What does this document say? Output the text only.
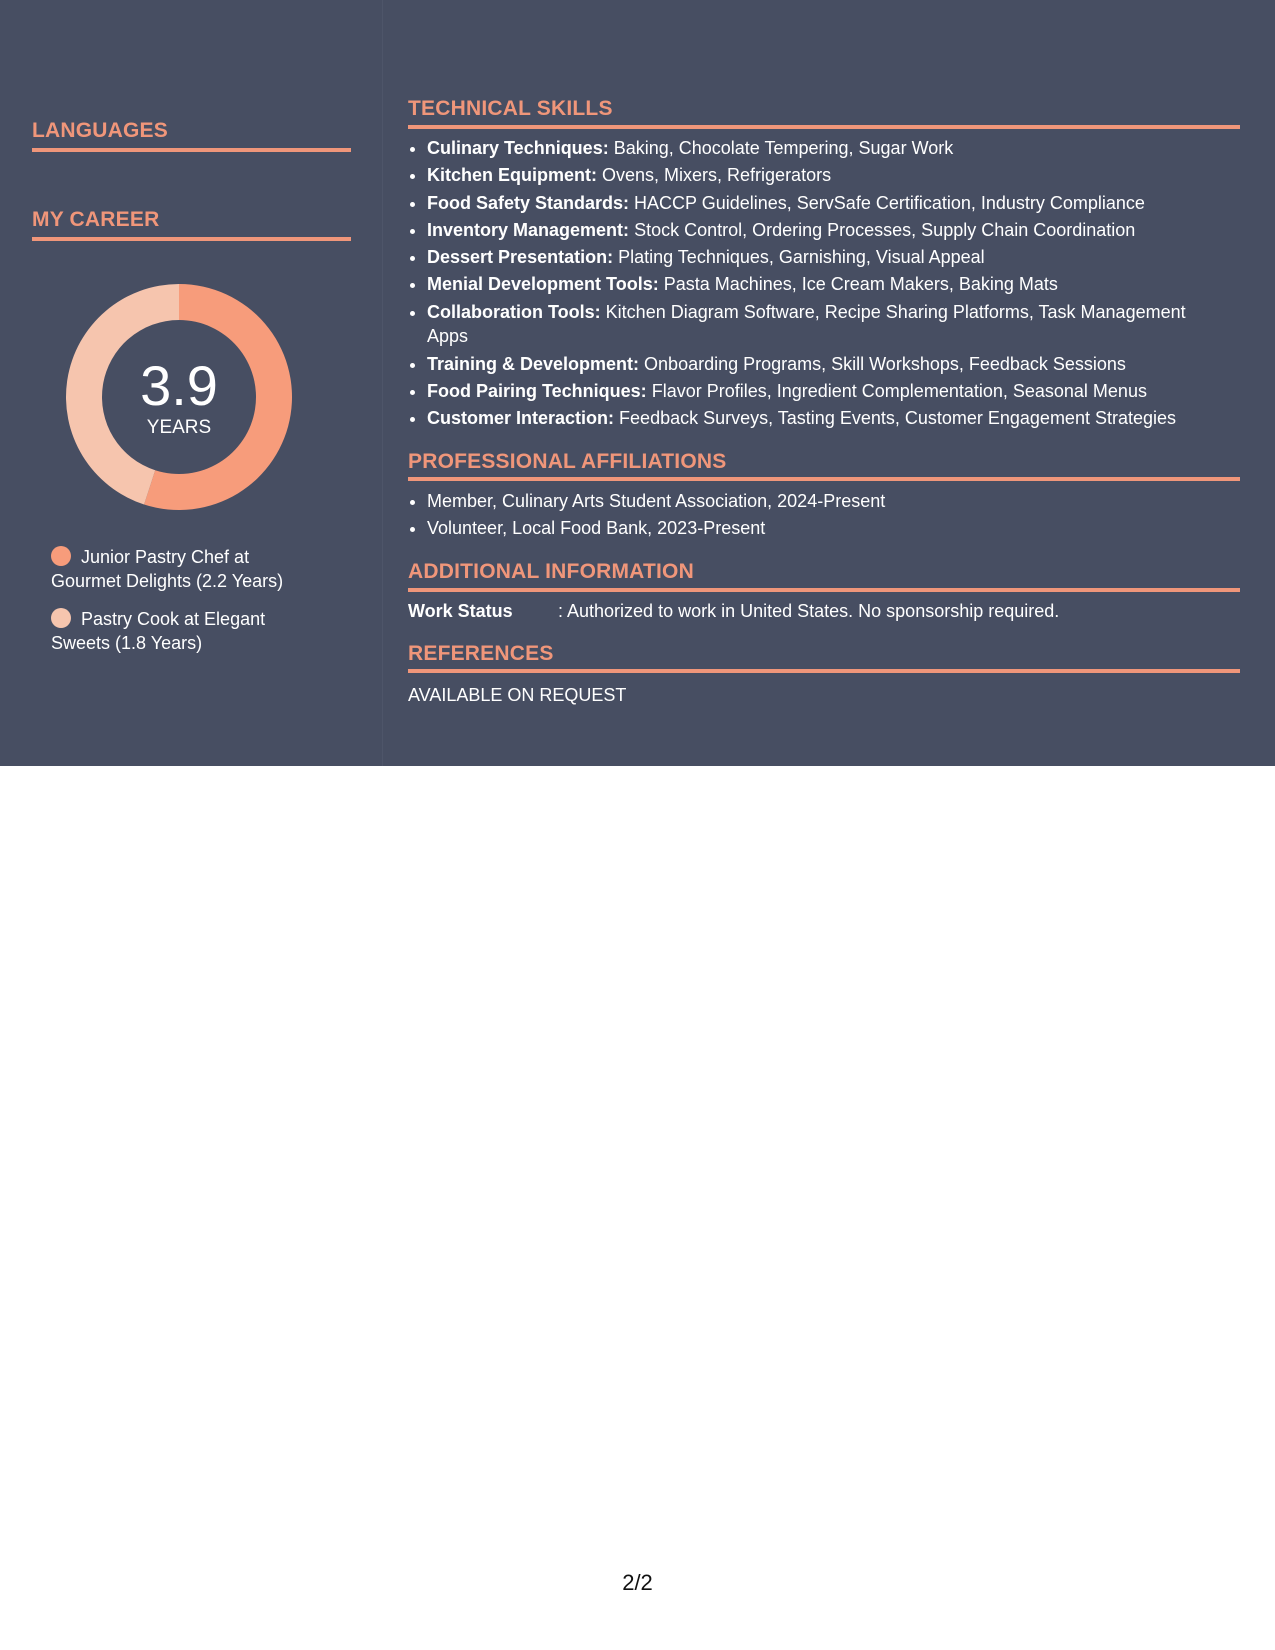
LANGUAGES
MY CAREER
3.9
YEARS
Junior Pastry Chef at Gourmet Delights (2.2 Years)
Pastry Cook at Elegant Sweets (1.8 Years)
TECHNICAL SKILLS
• Culinary Techniques: Baking, Chocolate Tempering, Sugar Work
• Kitchen Equipment: Ovens, Mixers, Refrigerators
• Food Safety Standards: HACCP Guidelines, ServSafe Certification, Industry Compliance
• Inventory Management: Stock Control, Ordering Processes, Supply Chain Coordination
• Dessert Presentation: Plating Techniques, Garnishing, Visual Appeal
• Menial Development Tools: Pasta Machines, Ice Cream Makers, Baking Mats
• Collaboration Tools: Kitchen Diagram Software, Recipe Sharing Platforms, Task Management Apps
• Training & Development: Onboarding Programs, Skill Workshops, Feedback Sessions
• Food Pairing Techniques: Flavor Profiles, Ingredient Complementation, Seasonal Menus
• Customer Interaction: Feedback Surveys, Tasting Events, Customer Engagement Strategies
PROFESSIONAL AFFILIATIONS
• Member, Culinary Arts Student Association, 2024-Present
• Volunteer, Local Food Bank, 2023-Present
ADDITIONAL INFORMATION
Work Status	: Authorized to work in United States. No sponsorship required.
REFERENCES
AVAILABLE ON REQUEST
2/2
